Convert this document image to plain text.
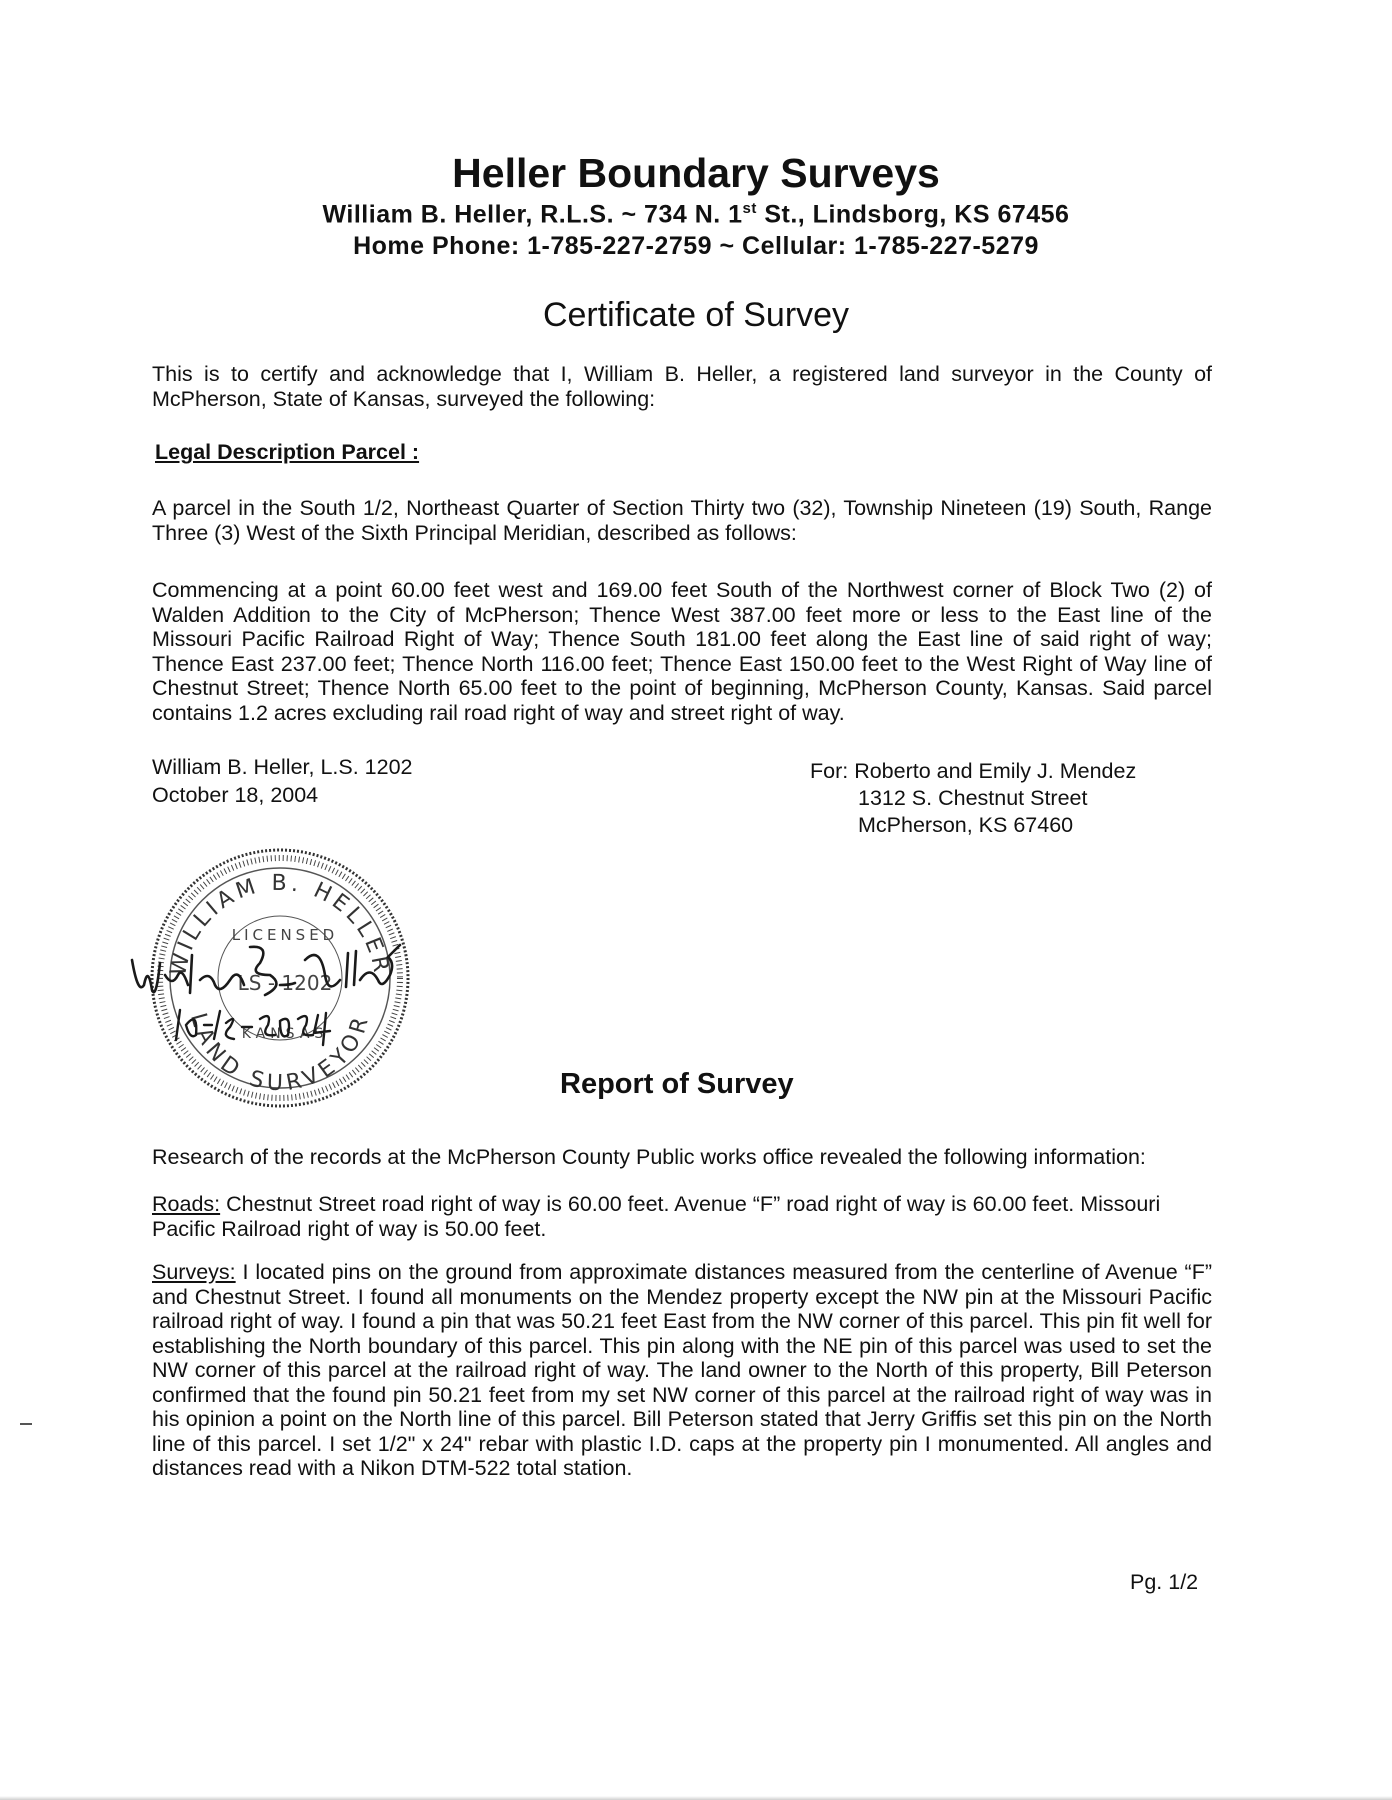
Heller Boundary Surveys
William B. Heller, R.L.S. ~ 734 N. 1st St., Lindsborg, KS 67456
Home Phone: 1-785-227-2759 ~ Cellular: 1-785-227-5279
Certificate of Survey
This is to certify and acknowledge that I, William B. Heller, a registered land surveyor in the County of McPherson, State of Kansas, surveyed the following:
Legal Description Parcel :
A parcel in the South 1/2, Northeast Quarter of Section Thirty two (32), Township Nineteen (19) South, Range Three (3) West of the Sixth Principal Meridian, described as follows:
Commencing at a point 60.00 feet west and 169.00 feet South of the Northwest corner of Block Two (2) of Walden Addition to the City of McPherson; Thence West 387.00 feet more or less to the East line of the Missouri Pacific Railroad Right of Way; Thence South 181.00 feet along the East line of said right of way; Thence East 237.00 feet; Thence North 116.00 feet; Thence East 150.00 feet to the West Right of Way line of Chestnut Street; Thence North 65.00 feet to the point of beginning, McPherson County, Kansas. Said parcel contains 1.2 acres excluding rail road right of way and street right of way.
William B. Heller, L.S. 1202
October 18, 2004
For: Roberto and Emily J. Mendez
1312 S. Chestnut Street
McPherson, KS 67460
WILLIAM B. HELLER
LAND SURVEYOR
LICENSED
LS - 1202
KANSAS
Report of Survey
Research of the records at the McPherson County Public works office revealed the following information:
Roads: Chestnut Street road right of way is 60.00 feet. Avenue “F” road right of way is 60.00 feet. Missouri Pacific Railroad right of way is 50.00 feet.
Surveys: I located pins on the ground from approximate distances measured from the centerline of Avenue “F” and Chestnut Street. I found all monuments on the Mendez property except the NW pin at the Missouri Pacific railroad right of way. I found a pin that was 50.21 feet East from the NW corner of this parcel. This pin fit well for establishing the North boundary of this parcel. This pin along with the NE pin of this parcel was used to set the NW corner of this parcel at the railroad right of way. The land owner to the North of this property, Bill Peterson confirmed that the found pin 50.21 feet from my set NW corner of this parcel at the railroad right of way was in his opinion a point on the North line of this parcel. Bill Peterson stated that Jerry Griffis set this pin on the North line of this parcel. I set 1/2" x 24" rebar with plastic I.D. caps at the property pin I monumented. All angles and distances read with a Nikon DTM-522 total station.
Pg. 1/2
